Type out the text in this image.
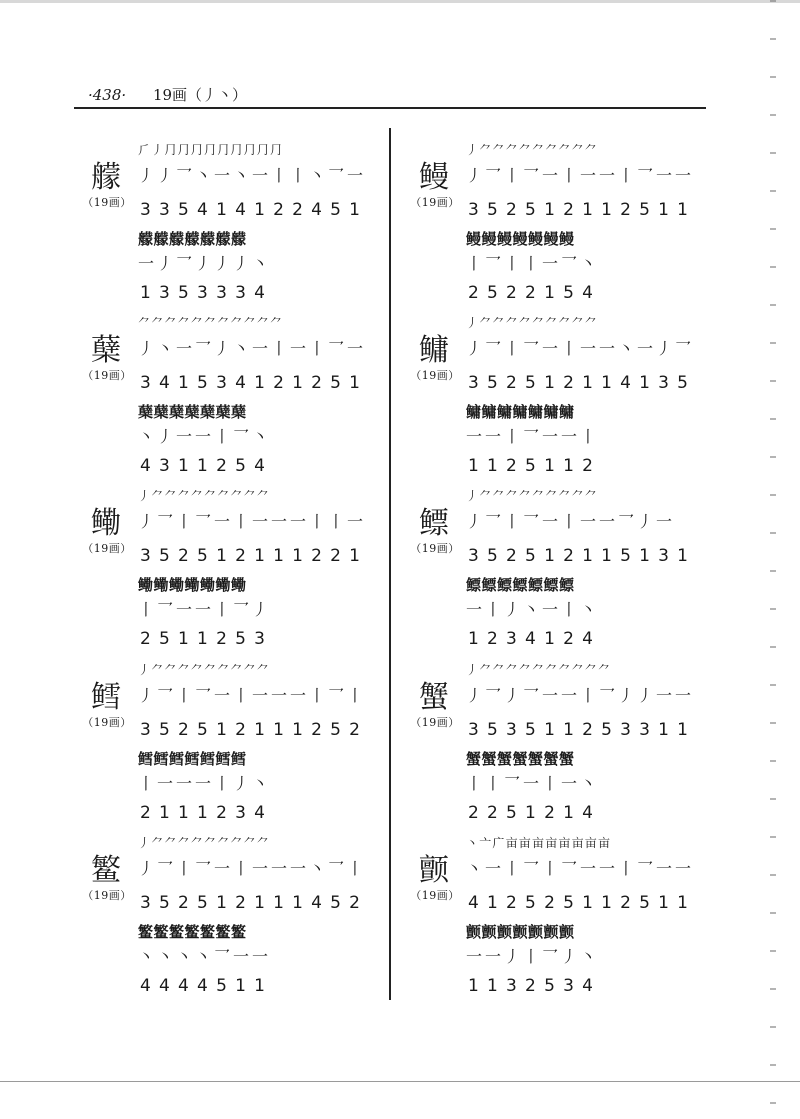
·438· 19画（丿丶）
艨
（19画）
⺁丿⺆⺆⺆⺆⺆⺆⺆⺆⺆
丿丿乛丶一丶一丨丨丶乛一
335414122451
艨艨艨艨艨艨艨
一丿乛丿丿丿丶
1353334
鳗
（19画）
丿⺈⺈⺈⺈⺈⺈⺈⺈⺈
丿乛丨乛一丨一一丨乛一一
352512112511
鳗鳗鳗鳗鳗鳗鳗
丨乛丨丨一乛丶
2522154
蘖
（19画）
⺈⺈⺈⺈⺈⺈⺈⺈⺈⺈⺈
丿丶一乛丿丶一丨一丨乛一
341534121251
蘖蘖蘖蘖蘖蘖蘖
丶丿一一丨乛丶
4311254
鳙
（19画）
丿⺈⺈⺈⺈⺈⺈⺈⺈⺈
丿乛丨乛一丨一一丶一丿乛
352512114135
鳙鳙鳙鳙鳙鳙鳙
一一丨乛一一丨
1125112
鳓
（19画）
丿⺈⺈⺈⺈⺈⺈⺈⺈⺈
丿乛丨乛一丨一一一丨丨一
352512111221
鳓鳓鳓鳓鳓鳓鳓
丨乛一一丨乛丿
2511253
鳔
（19画）
丿⺈⺈⺈⺈⺈⺈⺈⺈⺈
丿乛丨乛一丨一一乛丿一
352512115131
鳔鳔鳔鳔鳔鳔鳔
一丨丿丶一丨丶
1234124
鳕
（19画）
丿⺈⺈⺈⺈⺈⺈⺈⺈⺈
丿乛丨乛一丨一一一丨乛丨
352512111252
鳕鳕鳕鳕鳕鳕鳕
丨一一一丨丿丶
2111234
蟹
（19画）
丿⺈⺈⺈⺈⺈⺈⺈⺈⺈⺈
丿乛丿乛一一丨乛丿丿一一
353511253311
蟹蟹蟹蟹蟹蟹蟹
丨丨乛一丨一丶
2251214
鳘
（19画）
丿⺈⺈⺈⺈⺈⺈⺈⺈⺈
丿乛丨乛一丨一一一丶乛丨
352512111452
鳘鳘鳘鳘鳘鳘鳘
丶丶丶丶乛一一
4444511
颤
（19画）
丶亠广亩亩亩亩亩亩亩亩
丶一丨乛丨乛一一丨乛一一
412525112511
颤颤颤颤颤颤颤
一一丿丨乛丿丶
1132534
